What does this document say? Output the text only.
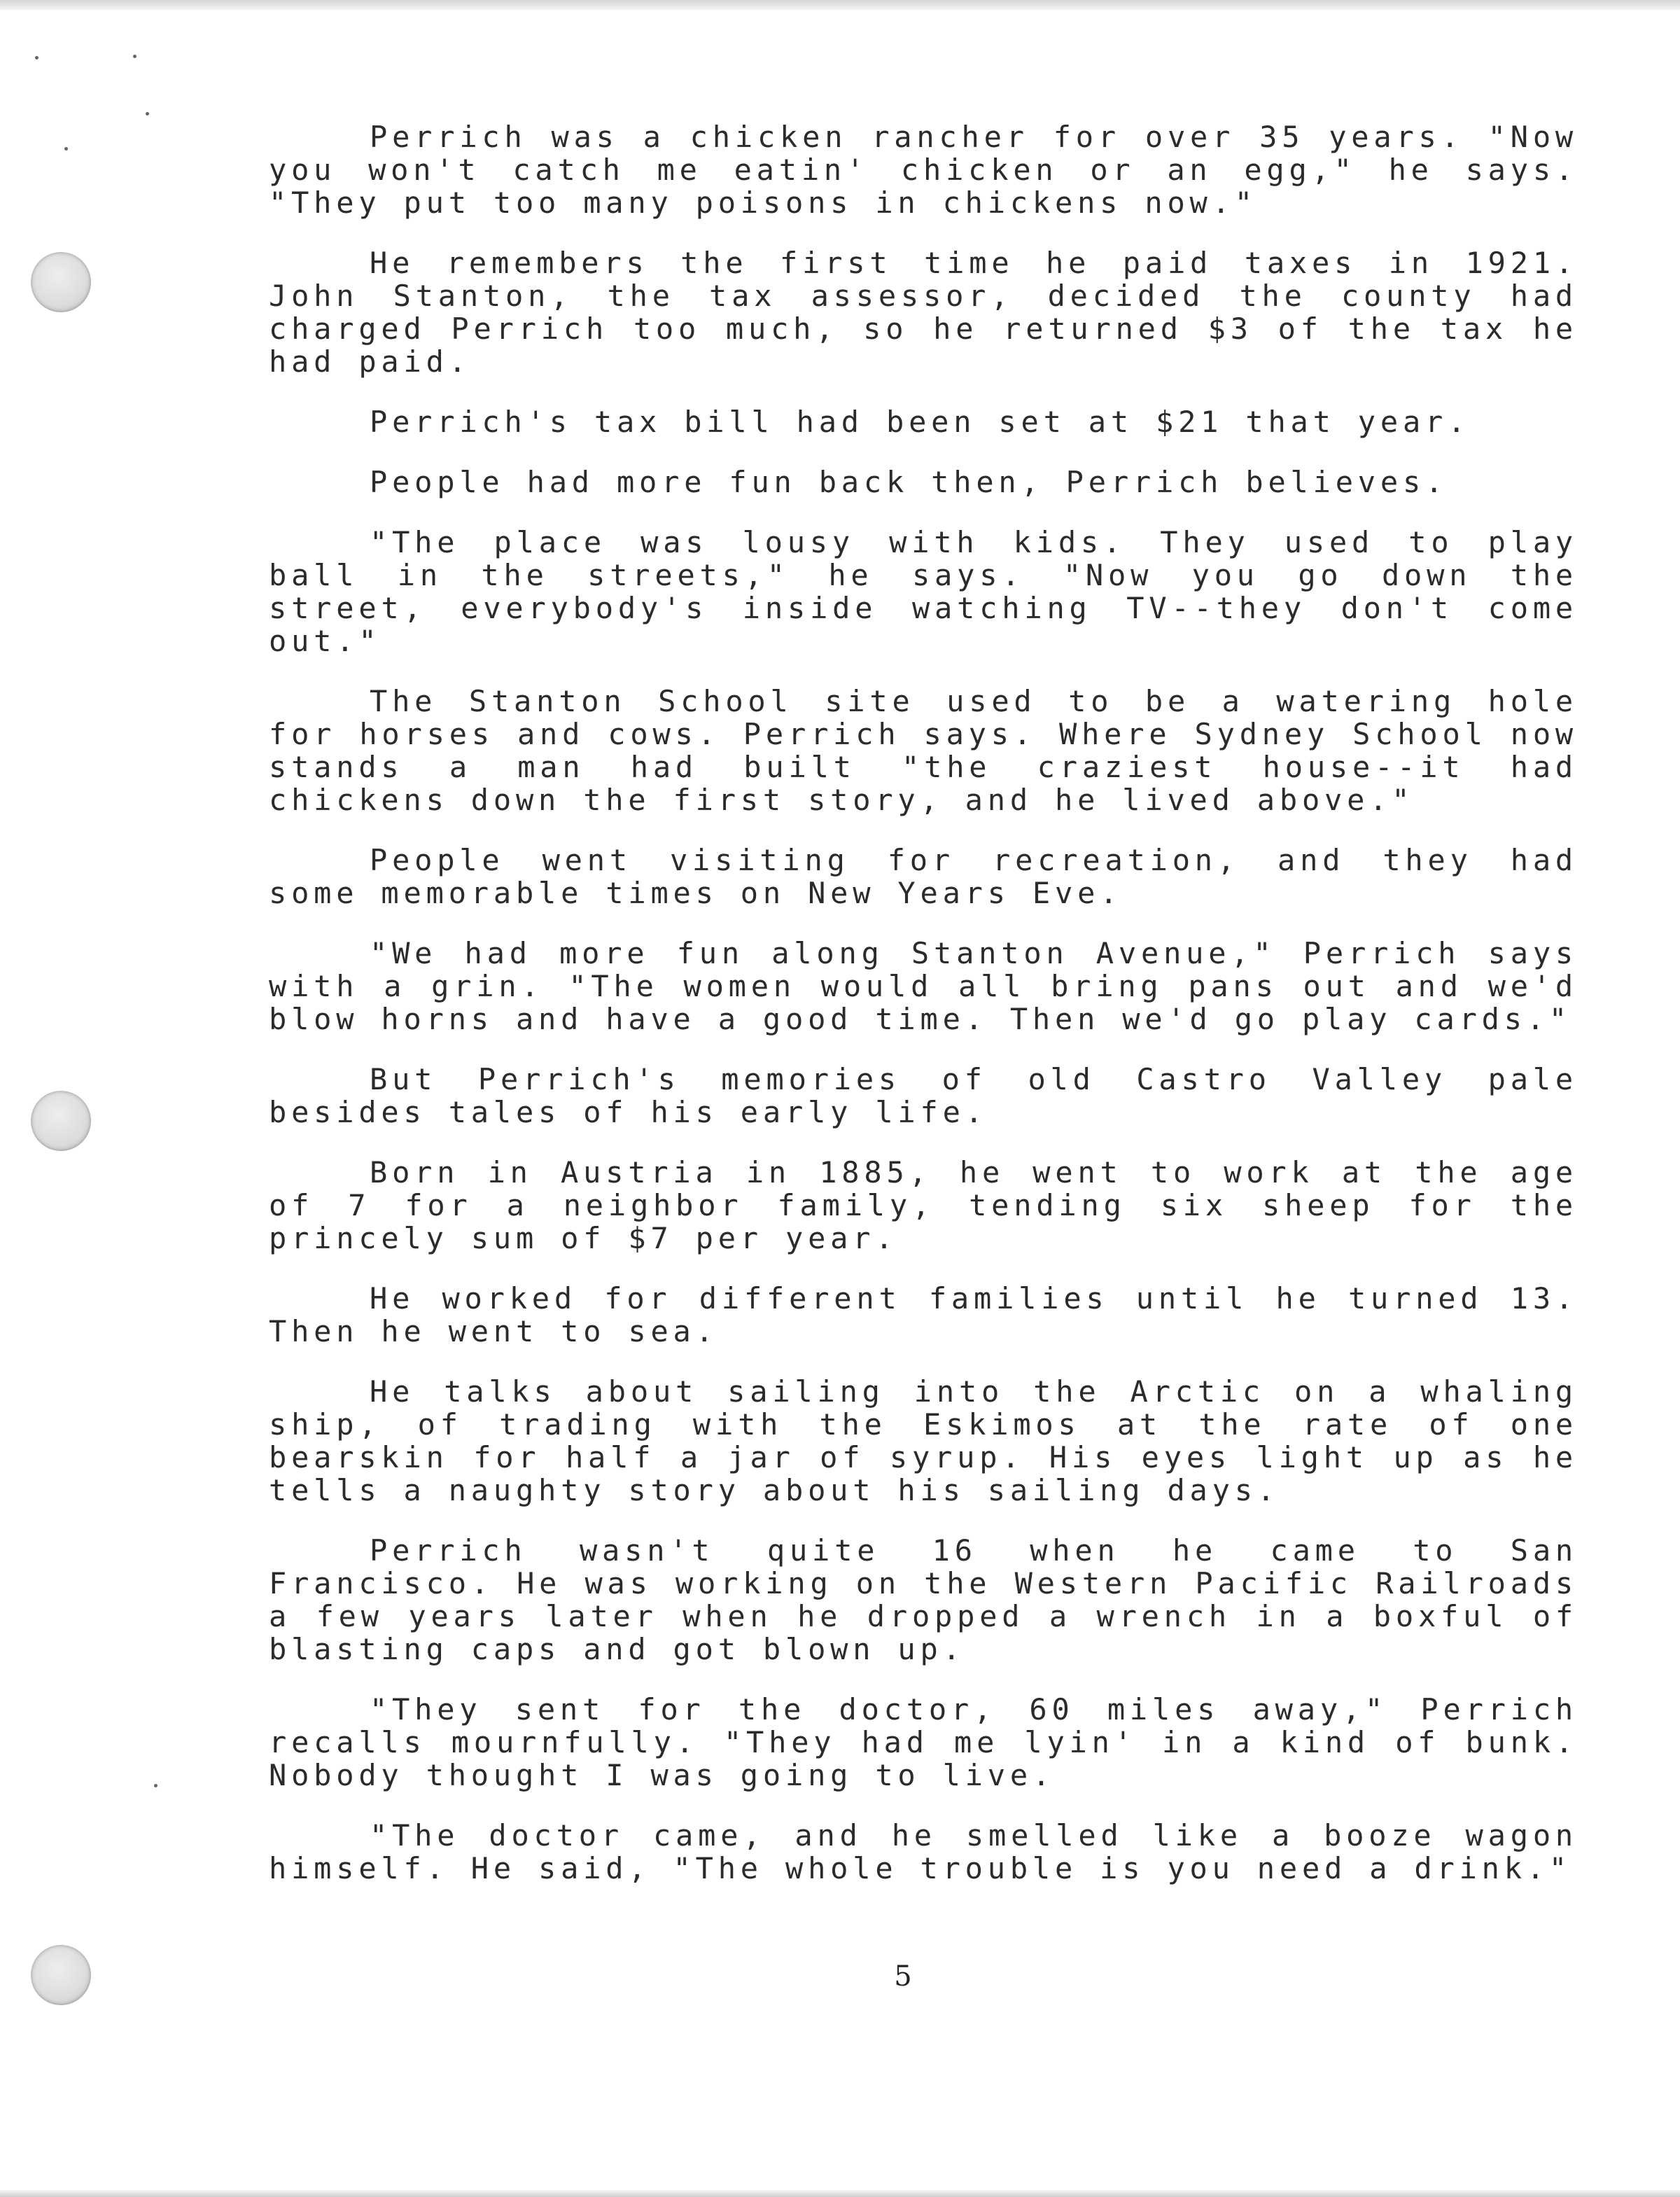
Perrich was a chicken rancher for over 35 years. "Now you won't catch me eatin' chicken or an egg," he says. "They put too many poisons in chickens now."

He remembers the first time he paid taxes in 1921. John Stanton, the tax assessor, decided the county had charged Perrich too much, so he returned $3 of the tax he had paid.

Perrich's tax bill had been set at $21 that year.

People had more fun back then, Perrich believes.

"The place was lousy with kids. They used to play ball in the streets," he says. "Now you go down the street, everybody's inside watching TV--they don't come out."

The Stanton School site used to be a watering hole for horses and cows. Perrich says. Where Sydney School now stands a man had built "the craziest house--it had chickens down the first story, and he lived above."

People went visiting for recreation, and they had some memorable times on New Years Eve.

"We had more fun along Stanton Avenue," Perrich says with a grin. "The women would all bring pans out and we'd blow horns and have a good time. Then we'd go play cards."

But Perrich's memories of old Castro Valley pale besides tales of his early life.

Born in Austria in 1885, he went to work at the age of 7 for a neighbor family, tending six sheep for the princely sum of $7 per year.

He worked for different families until he turned 13. Then he went to sea.

He talks about sailing into the Arctic on a whaling ship, of trading with the Eskimos at the rate of one bearskin for half a jar of syrup. His eyes light up as he tells a naughty story about his sailing days.

Perrich wasn't quite 16 when he came to San Francisco. He was working on the Western Pacific Railroads a few years later when he dropped a wrench in a boxful of blasting caps and got blown up.

"They sent for the doctor, 60 miles away," Perrich recalls mournfully. "They had me lyin' in a kind of bunk. Nobody thought I was going to live.

"The doctor came, and he smelled like a booze wagon himself. He said, "The whole trouble is you need a drink."

5
